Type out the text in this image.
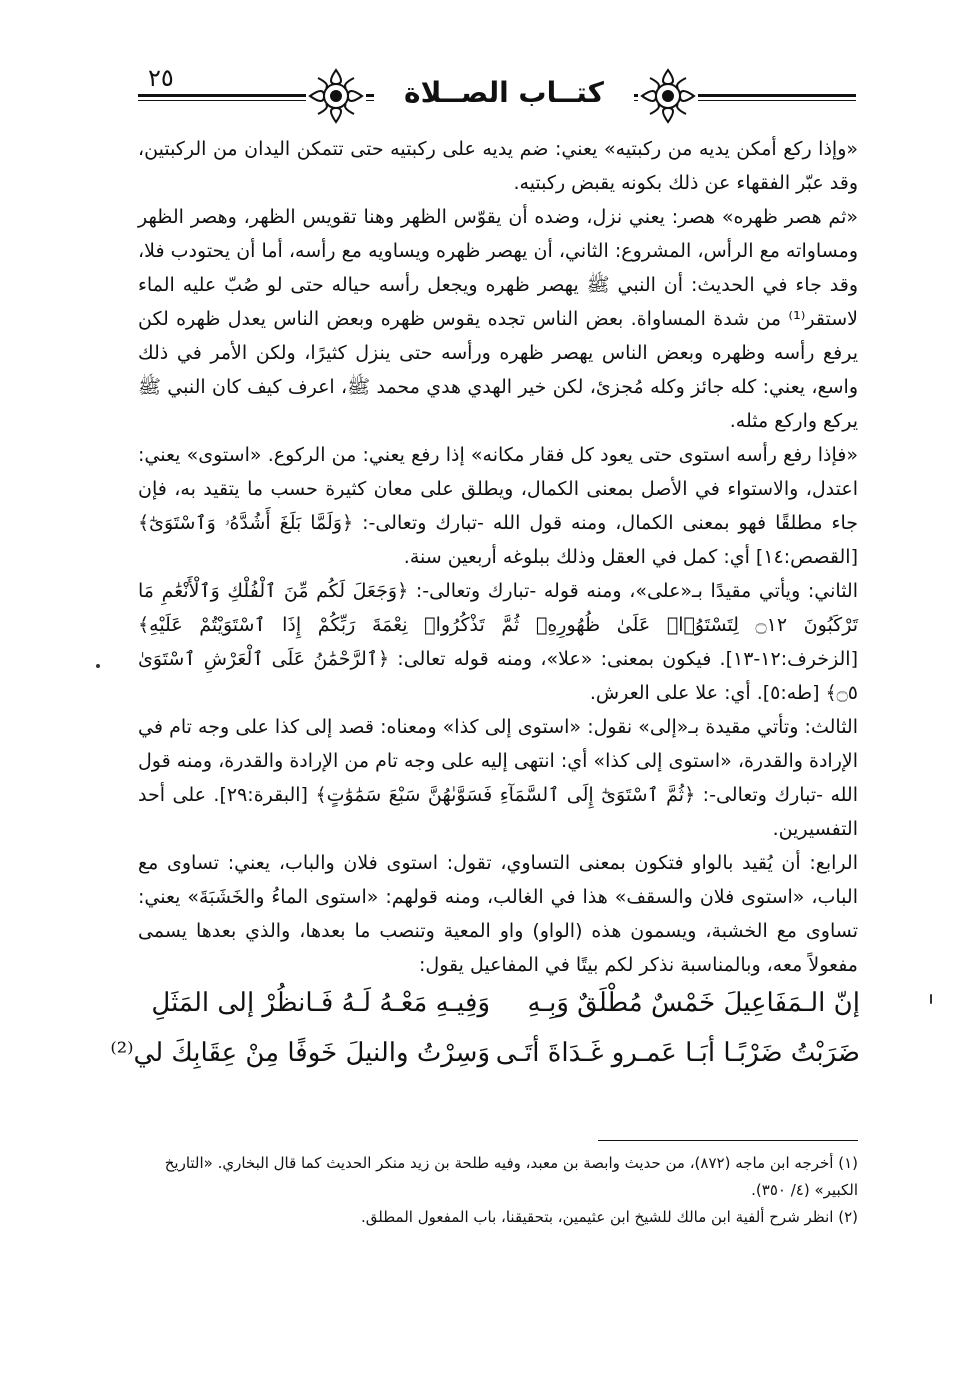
٢٥	كتــاب الصــلاة

«وإذا ركع أمكن يديه من ركبتيه» يعني: ضم يديه على ركبتيه حتى تتمكن اليدان من الركبتين، وقد عبّر الفقهاء عن ذلك بكونه يقبض ركبتيه.

«ثم هصر ظهره» هصر: يعني نزل، وضده أن يقوّس الظهر وهنا تقويس الظهر، وهصر الظهر ومساواته مع الرأس، المشروع: الثاني، أن يهصر ظهره ويساويه مع رأسه، أما أن يحتودب فلا، وقد جاء في الحديث: أن النبي ﷺ يهصر ظهره ويجعل رأسه حياله حتى لو صُبّ عليه الماء لاستقر⁽¹⁾ من شدة المساواة. بعض الناس تجده يقوس ظهره وبعض الناس يعدل ظهره لكن يرفع رأسه وظهره وبعض الناس يهصر ظهره ورأسه حتى ينزل كثيرًا، ولكن الأمر في ذلك واسع، يعني: كله جائز وكله مُجزئ، لكن خير الهدي هدي محمد ﷺ، اعرف كيف كان النبي ﷺ يركع واركع مثله.

«فإذا رفع رأسه استوى حتى يعود كل فقار مكانه» إذا رفع يعني: من الركوع. «استوى» يعني: اعتدل، والاستواء في الأصل بمعنى الكمال، ويطلق على معان كثيرة حسب ما يتقيد به، فإن جاء مطلقًا فهو بمعنى الكمال، ومنه قول الله -تبارك وتعالى-: ﴿وَلَمَّا بَلَغَ أَشُدَّهُۥ وَٱسْتَوَىٰٓ﴾ [القصص:١٤] أي: كمل في العقل وذلك ببلوغه أربعين سنة.

الثاني: ويأتي مقيدًا بـ«على»، ومنه قوله -تبارك وتعالى-: ﴿وَجَعَلَ لَكُم مِّنَ ٱلْفُلْكِ وَٱلْأَنْعَٰمِ مَا تَرْكَبُونَ ۝١٢ لِتَسْتَوُۥا۟ عَلَىٰ ظُهُورِهِۦ ثُمَّ تَذْكُرُوا۟ نِعْمَةَ رَبِّكُمْ إِذَا ٱسْتَوَيْتُمْ عَلَيْهِ﴾ [الزخرف:١٢-١٣]. فيكون بمعنى: «علا»، ومنه قوله تعالى: ﴿ٱلرَّحْمَٰنُ عَلَى ٱلْعَرْشِ ٱسْتَوَىٰ ۝٥﴾ [طه:٥]. أي: علا على العرش.

الثالث: وتأتي مقيدة بـ«إلى» نقول: «استوى إلى كذا» ومعناه: قصد إلى كذا على وجه تام في الإرادة والقدرة، «استوى إلى كذا» أي: انتهى إليه على وجه تام من الإرادة والقدرة، ومنه قول الله -تبارك وتعالى-: ﴿ثُمَّ ٱسْتَوَىٰٓ إِلَى ٱلسَّمَآءِ فَسَوَّىٰهُنَّ سَبْعَ سَمَٰوَٰتٍ﴾ [البقرة:٢٩]. على أحد التفسيرين.

الرابع: أن يُقيد بالواو فتكون بمعنى التساوي، تقول: استوى فلان والباب، يعني: تساوى مع الباب، «استوى فلان والسقف» هذا في الغالب، ومنه قولهم: «استوى الماءُ والخَشَبَةَ» يعني: تساوى مع الخشبة، ويسمون هذه (الواو) واو المعية وتنصب ما بعدها، والذي بعدها يسمى مفعولاً معه، وبالمناسبة نذكر لكم بيتًا في المفاعيل يقول:

إنّ الـمَفَاعِيلَ خَمْسٌ مُطْلَقٌ وَبِـهِ
وَفِيـهِ مَعْـهُ لَـهُ فَـانظُرْ إلى المَثَلِ
ضَرَبْتُ ضَرْبًـا أبَـا عَمـرو غَـدَاةَ أتَـى
وَسِرْتُ والنيلَ خَوفًا مِنْ عِقَابِكَ لي⁽²⁾

(١) أخرجه ابن ماجه (٨٧٢)، من حديث وابصة بن معبد، وفيه طلحة بن زيد منكر الحديث كما قال البخاري. «التاريخ الكبير» (٤/ ٣٥٠).

(٢) انظر شرح ألفية ابن مالك للشيخ ابن عثيمين، بتحقيقنا، باب المفعول المطلق.
